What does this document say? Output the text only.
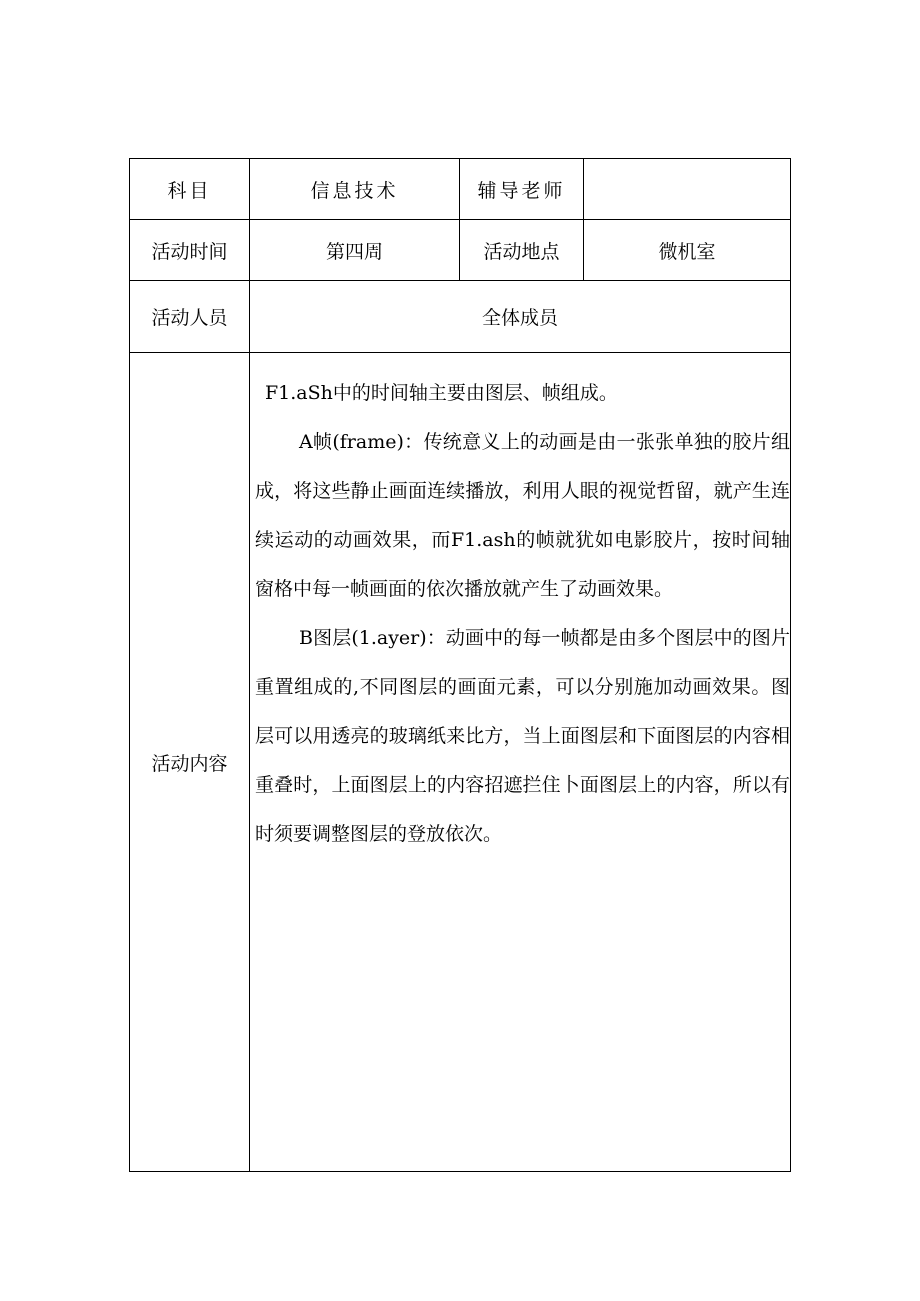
科目	信息技术	辅导老师	
活动时间	第四周	活动地点	微机室
活动人员	全体成员		
活动内容	F1.aSh中的时间轴主要由图层、帧组成。

A帧(frame)：传统意义上的动画是由一张张单独的胶片组成，将这些静止画面连续播放，利用人眼的视觉哲留，就产生连续运动的动画效果，而F1.ash的帧就犹如电影胶片，按时间轴窗格中每一帧画面的依次播放就产生了动画效果。

B图层(1.ayer)：动画中的每一帧都是由多个图层中的图片重置组成的,不同图层的画面元素，可以分别施加动画效果。图层可以用透亮的玻璃纸来比方，当上面图层和下面图层的内容相重叠时，上面图层上的内容招遮拦住卜面图层上的内容，所以有时须要调整图层的登放依次。		
